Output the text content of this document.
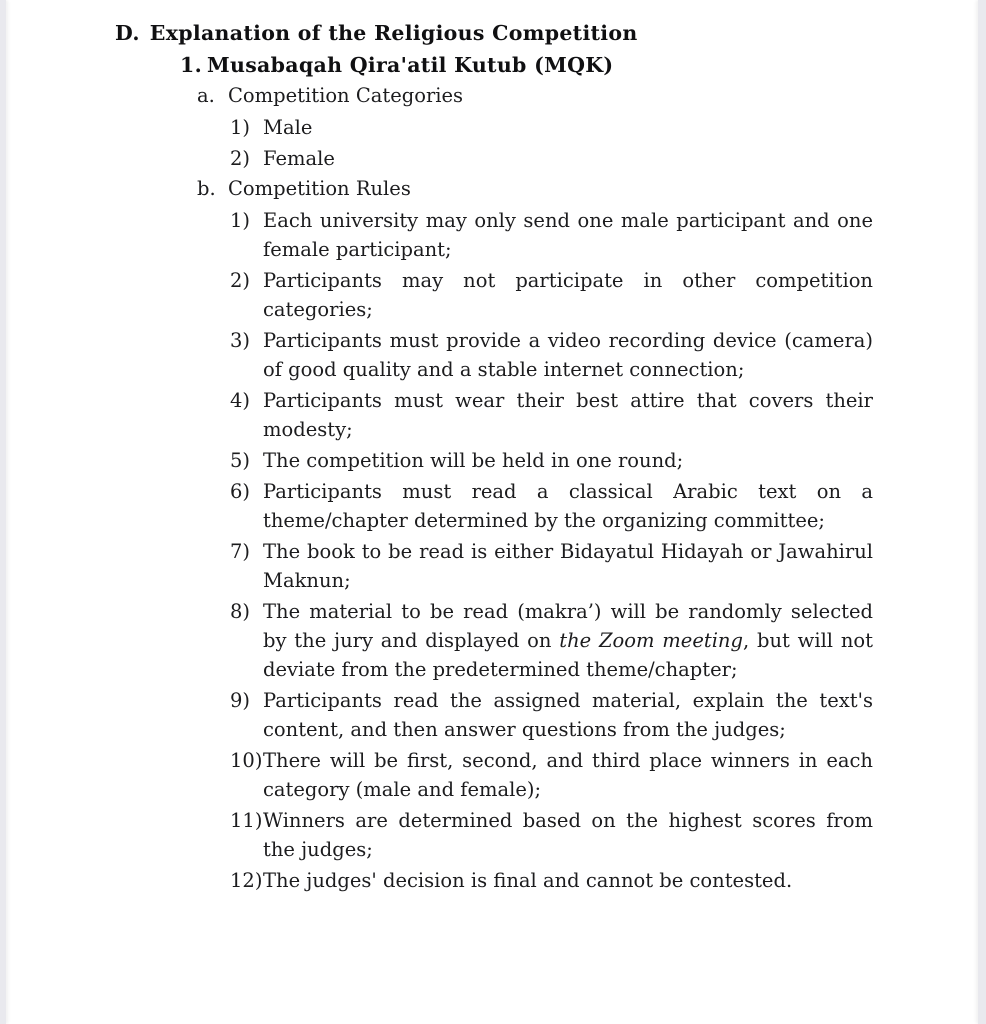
D. Explanation of the Religious Competition
1. Musabaqah Qira'atil Kutub (MQK)
a. Competition Categories
1) Male
2) Female
b. Competition Rules
1) Each university may only send one male participant and one female participant;
2) Participants may not participate in other competition categories;
3) Participants must provide a video recording device (camera) of good quality and a stable internet connection;
4) Participants must wear their best attire that covers their modesty;
5) The competition will be held in one round;
6) Participants must read a classical Arabic text on a theme/chapter determined by the organizing committee;
7) The book to be read is either Bidayatul Hidayah or Jawahirul Maknun;
8) The material to be read (makra’) will be randomly selected by the jury and displayed on the Zoom meeting, but will not deviate from the predetermined theme/chapter;
9) Participants read the assigned material, explain the text's content, and then answer questions from the judges;
10) There will be first, second, and third place winners in each category (male and female);
11) Winners are determined based on the highest scores from the judges;
12) The judges' decision is final and cannot be contested.
